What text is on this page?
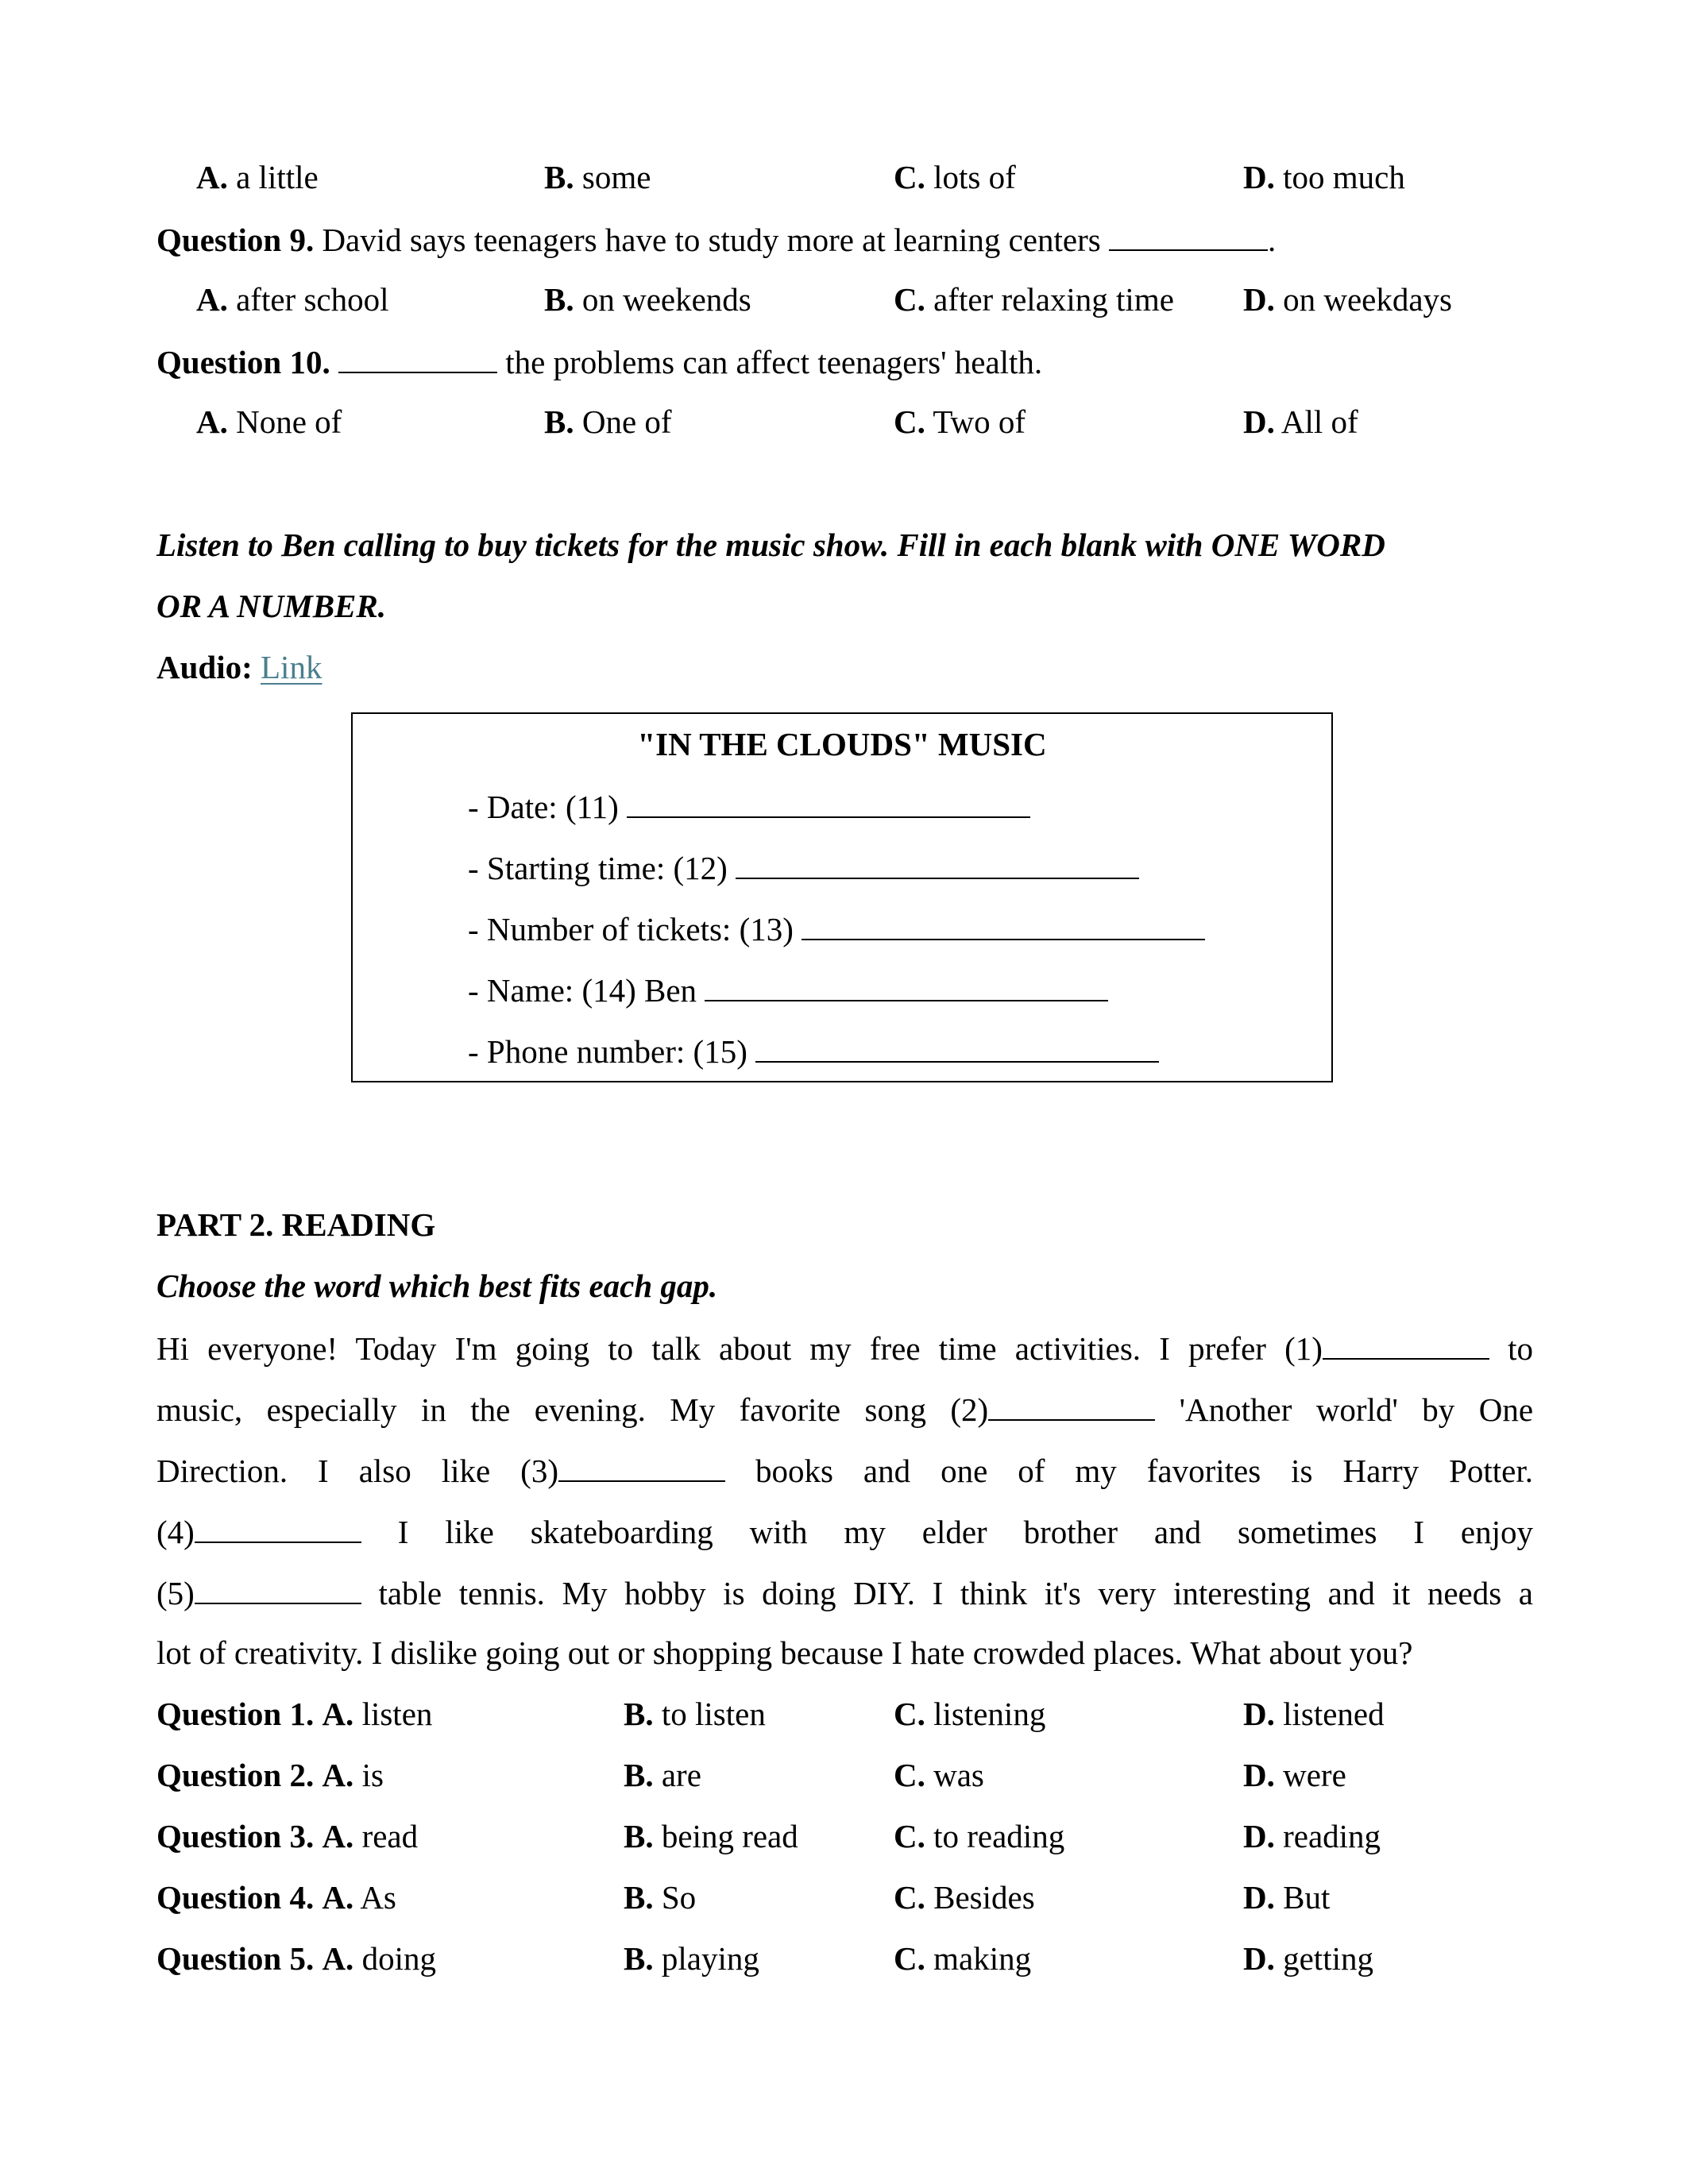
A. a little	B. some	C. lots of	D. too much
Question 9. David says teenagers have to study more at learning centers	.
A. after school	B. on weekends	C. after relaxing time D. on weekdays
Question 10.	the problems can affect teenagers' health.
A. None of	B. One of	C. Two of	D. All of
Listen to Ben calling to buy tickets for the music show. Fill in each blank with ONE WORD
OR A NUMBER.
Audio: Link
"IN THE CLOUDS" MUSIC
- Date: (11)
- Starting time: (12)
- Number of tickets: (13)
- Name: (14) Ben
- Phone number: (15)
PART 2. READING
Choose the word which best fits each gap.
Hi everyone! Today I'm going to talk about my free time activities. I prefer (1)	to
music, especially in the evening. My favorite song (2)	'Another world' by One
Direction. I also like (3)	books and one of my favorites is Harry Potter.
(4)	I like skateboarding with my elder brother and sometimes I enjoy
(5)	table tennis. My hobby is doing DIY. I think it's very interesting and it needs a
lot of creativity. I dislike going out or shopping because I hate crowded places. What about you?
Question 1. A. listen	B. to listen	C. listening	D. listened
Question 2. A. is	B. are	C. was	D. were
Question 3. A. read	B. being read	C. to reading	D. reading
Question 4. A. As	B. So	C. Besides	D. But
Question 5. A. doing	B. playing	C. making	D. getting
